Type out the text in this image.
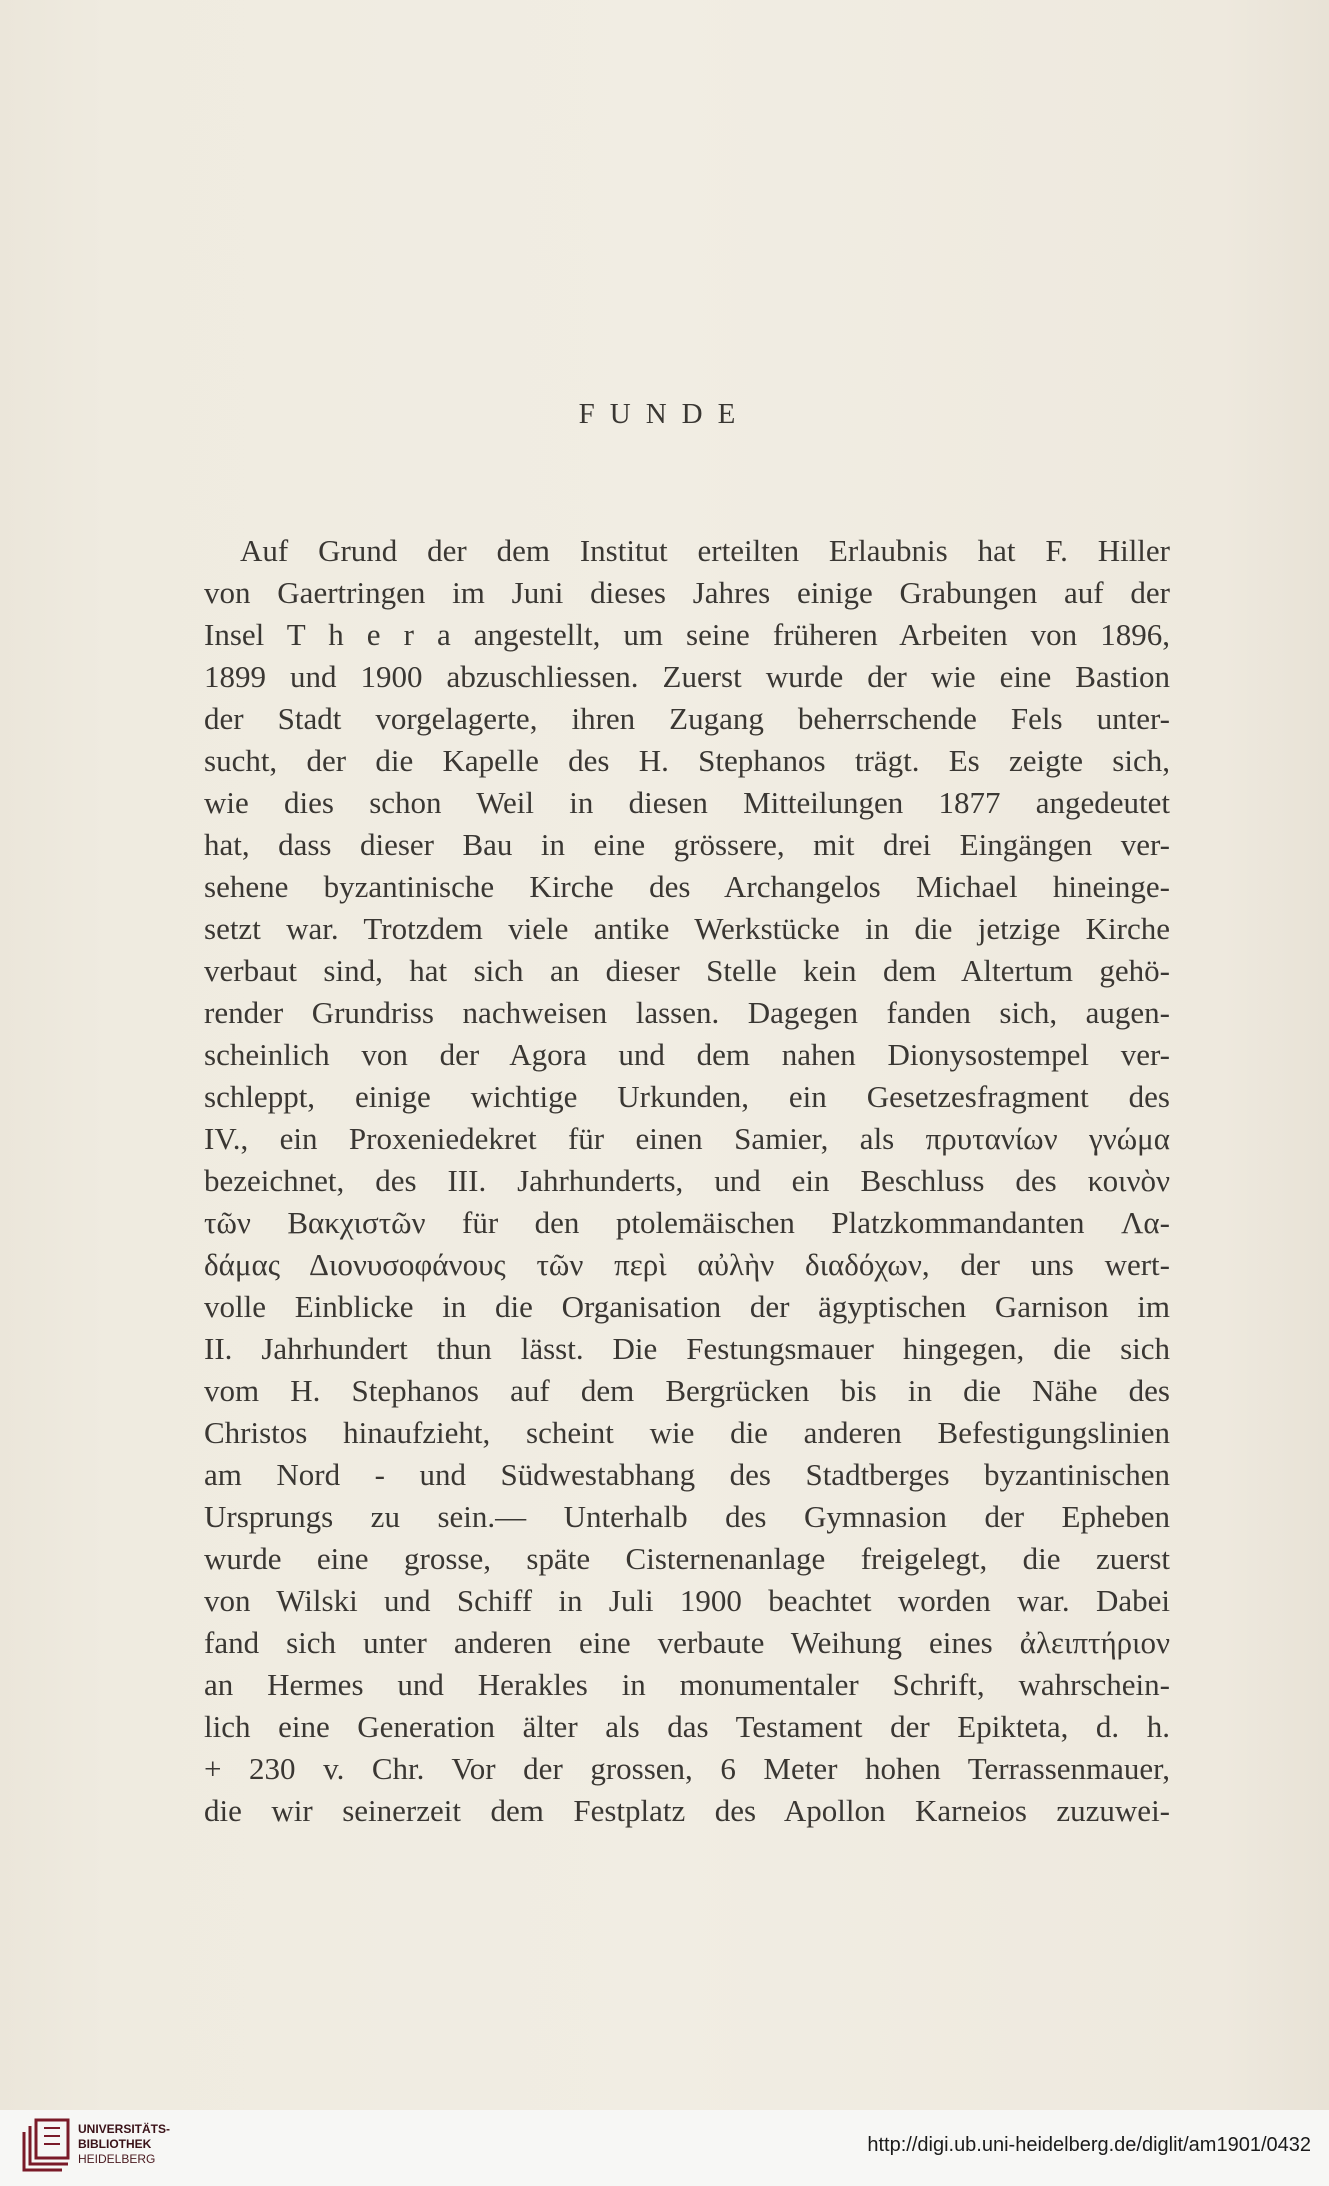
FUNDE
Auf Grund der dem Institut erteilten Erlaubnis hat F. Hiller
von Gaertringen im Juni dieses Jahres einige Grabungen auf der
Insel T h e r a angestellt, um seine früheren Arbeiten von 1896,
1899 und 1900 abzuschliessen. Zuerst wurde der wie eine Bastion
der Stadt vorgelagerte, ihren Zugang beherrschende Fels unter-
sucht, der die Kapelle des H. Stephanos trägt. Es zeigte sich,
wie dies schon Weil in diesen Mitteilungen 1877 angedeutet
hat, dass dieser Bau in eine grössere, mit drei Eingängen ver-
sehene byzantinische Kirche des Archangelos Michael hineinge-
setzt war. Trotzdem viele antike Werkstücke in die jetzige Kirche
verbaut sind, hat sich an dieser Stelle kein dem Altertum gehö-
render Grundriss nachweisen lassen. Dagegen fanden sich, augen-
scheinlich von der Agora und dem nahen Dionysostempel ver-
schleppt, einige wichtige Urkunden, ein Gesetzesfragment des
IV., ein Proxeniedekret für einen Samier, als πρυτανίων γνώμα
bezeichnet, des III. Jahrhunderts, und ein Beschluss des κοινὸν
τῶν Βακχιστῶν für den ptolemäischen Platzkommandanten Λα-
δάμας Διονυσοφάνους τῶν περὶ αὐλὴν διαδόχων, der uns wert-
volle Einblicke in die Organisation der ägyptischen Garnison im
II. Jahrhundert thun lässt. Die Festungsmauer hingegen, die sich
vom H. Stephanos auf dem Bergrücken bis in die Nähe des
Christos hinaufzieht, scheint wie die anderen Befestigungslinien
am Nord - und Südwestabhang des Stadtberges byzantinischen
Ursprungs zu sein.— Unterhalb des Gymnasion der Epheben
wurde eine grosse, späte Cisternenanlage freigelegt, die zuerst
von Wilski und Schiff in Juli 1900 beachtet worden war. Dabei
fand sich unter anderen eine verbaute Weihung eines ἀλειπτήριον
an Hermes und Herakles in monumentaler Schrift, wahrschein-
lich eine Generation älter als das Testament der Epikteta, d. h.
+ 230 v. Chr. Vor der grossen, 6 Meter hohen Terrassenmauer,
die wir seinerzeit dem Festplatz des Apollon Karneios zuzuwei-
UNIVERSITÄTS-
BIBLIOTHEK
HEIDELBERG
http://digi.ub.uni-heidelberg.de/diglit/am1901/0432
